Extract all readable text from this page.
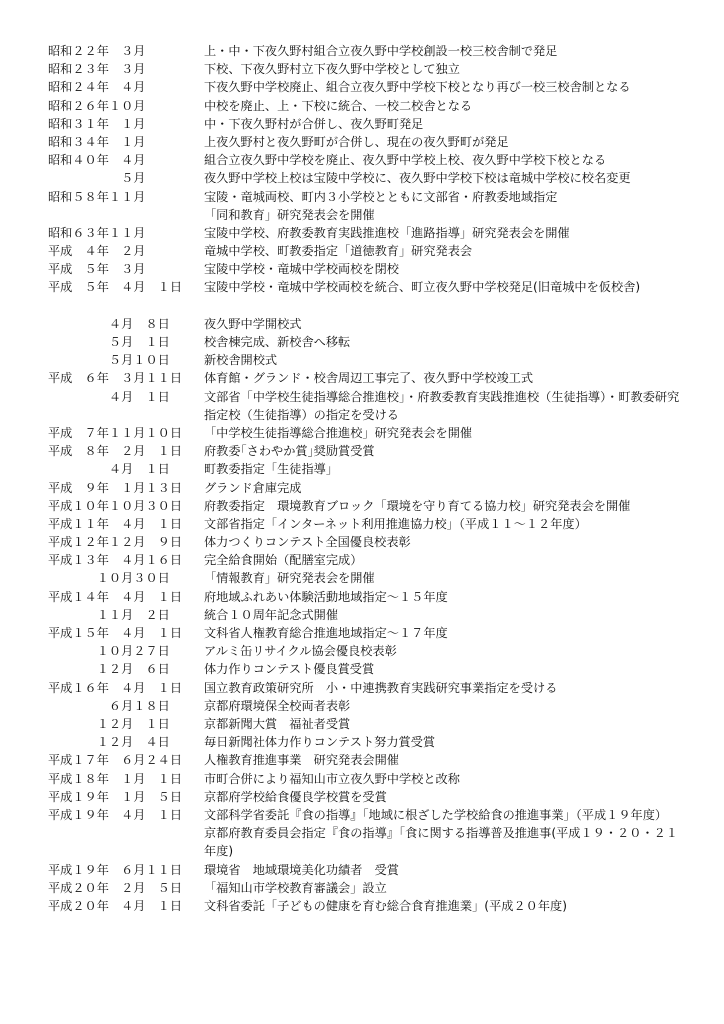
昭和２２年　３月	上・中・下夜久野村組合立夜久野中学校創設一校三校舎制で発足
昭和２３年　３月	下校、下夜久野村立下夜久野中学校として独立
昭和２４年　４月	下夜久野中学校廃止、組合立夜久野中学校下校となり再び一校三校舎制となる
昭和２６年１０月	中校を廃止、上・下校に統合、一校二校舎となる
昭和３１年　１月	中・下夜久野村が合併し、夜久野町発足
昭和３４年　１月	上夜久野村と夜久野町が合併し、現在の夜久野町が発足
昭和４０年　４月	組合立夜久野中学校を廃止、夜久野中学校上校、夜久野中学校下校となる
　　　　　　５月	夜久野中学校上校は宝陵中学校に、夜久野中学校下校は竜城中学校に校名変更
昭和５８年１１月	宝陵・竜城両校、町内３小学校とともに文部省・府教委地域指定
「同和教育」研究発表会を開催
昭和６３年１１月	宝陵中学校、府教委教育実践推進校「進路指導」研究発表会を開催
平成　４年　２月	竜城中学校、町教委指定「道徳教育」研究発表会
平成　５年　３月	宝陵中学校・竜城中学校両校を閉校
平成　５年　４月　１日	宝陵中学校・竜城中学校両校を統合、町立夜久野中学校発足(旧竜城中を仮校舎)
　　　　　４月　８日	夜久野中学開校式
　　　　　５月　１日	校舎棟完成、新校舎へ移転
　　　　　５月１０日	新校舎開校式
平成　６年　３月１１日	体育館・グランド・校舎周辺工事完了、夜久野中学校竣工式
　　　　　４月　１日	文部省「中学校生徒指導総合推進校」・府教委教育実践推進校（生徒指導）・町教委研究指定校（生徒指導）の指定を受ける
平成　７年１１月１０日	「中学校生徒指導総合推進校」研究発表会を開催
平成　８年　２月　１日	府教委｢さわやか賞｣奨励賞受賞
　　　　　４月　１日	町教委指定「生徒指導」
平成　９年　１月１３日	グランド倉庫完成
平成１０年１０月３０日	府教委指定　環境教育ブロック「環境を守り育てる協力校」研究発表会を開催
平成１１年　４月　１日	文部省指定「インターネット利用推進協力校」（平成１１～１２年度）
平成１２年１２月　９日	体力つくりコンテスト全国優良校表彰
平成１３年　４月１６日	完全給食開始（配膳室完成）
　　　　１０月３０日	「情報教育」研究発表会を開催
平成１４年　４月　１日	府地域ふれあい体験活動地域指定～１５年度
　　　　１１月　２日	統合１０周年記念式開催
平成１５年　４月　１日	文科省人権教育総合推進地域指定～１７年度
　　　　１０月２７日	アルミ缶リサイクル協会優良校表彰
　　　　１２月　６日	体力作りコンテスト優良賞受賞
平成１６年　４月　１日	国立教育政策研究所　小・中連携教育実践研究事業指定を受ける
　　　　　６月１８日	京都府環境保全校両者表彰
　　　　１２月　１日	京都新聞大賞　福祉者受賞
　　　　１２月　４日	毎日新聞社体力作りコンテスト努力賞受賞
平成１７年　６月２４日	人権教育推進事業　研究発表会開催
平成１８年　１月　１日	市町合併により福知山市立夜久野中学校と改称
平成１９年　１月　５日	京都府学校給食優良学校賞を受賞
平成１９年　４月　１日	文部科学省委託『食の指導』「地域に根ざした学校給食の推進事業」（平成１９年度）　京都府教育委員会指定『食の指導』「食に関する指導普及推進事(平成１９・２０・２１年度)
平成１９年　６月１１日	環境省　地域環境美化功績者　受賞
平成２０年　２月　５日	「福知山市学校教育審議会」設立
平成２０年　４月　１日	文科省委託「子どもの健康を育む総合食育推進業」(平成２０年度)
